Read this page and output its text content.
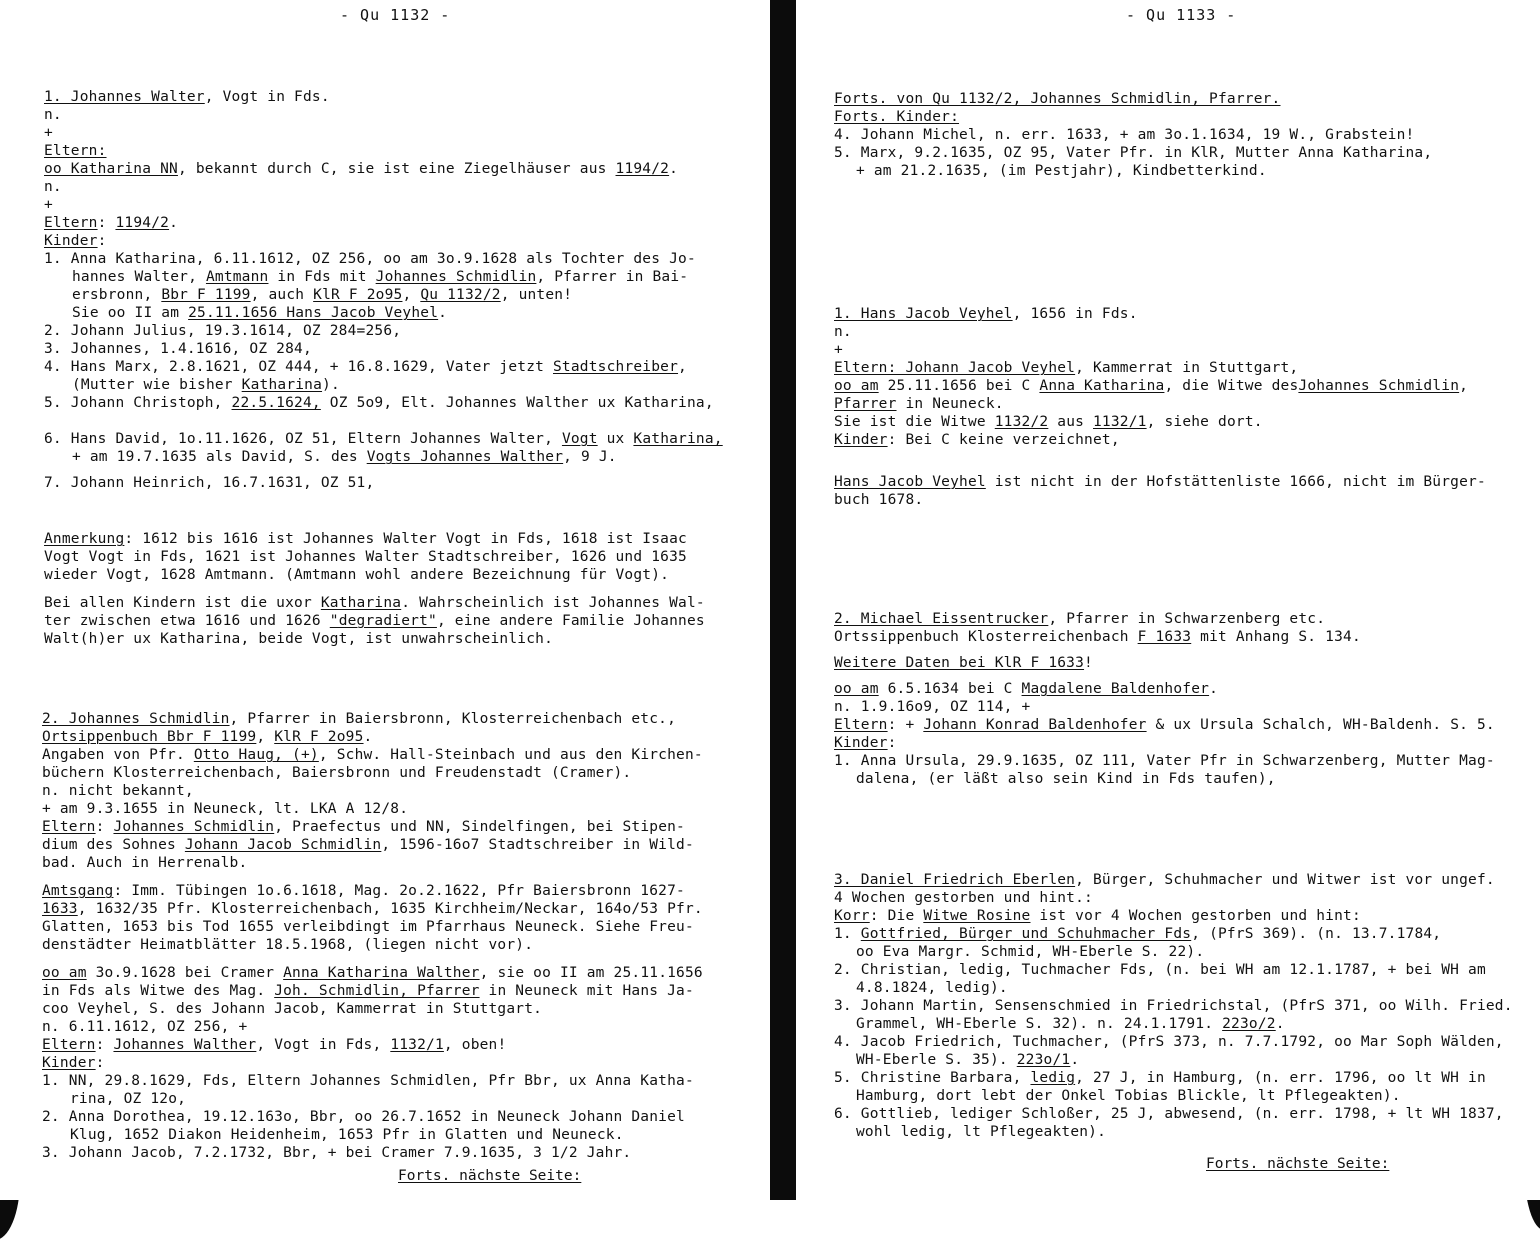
- Qu 1132 -
1. Johannes Walter, Vogt in Fds.
n.
+
Eltern:
oo Katharina NN, bekannt durch C, sie ist eine Ziegelhäuser aus 1194/2.
n.
+
Eltern: 1194/2.
Kinder:
1. Anna Katharina, 6.11.1612, OZ 256, oo am 3o.9.1628 als Tochter des Jo-
hannes Walter, Amtmann in Fds mit Johannes Schmidlin, Pfarrer in Bai-
ersbronn, Bbr F 1199, auch KlR F 2o95, Qu 1132/2, unten!
Sie oo II am 25.11.1656 Hans Jacob Veyhel.
2. Johann Julius, 19.3.1614, OZ 284=256,
3. Johannes, 1.4.1616, OZ 284,
4. Hans Marx, 2.8.1621, OZ 444, + 16.8.1629, Vater jetzt Stadtschreiber,
(Mutter wie bisher Katharina).
5. Johann Christoph, 22.5.1624, OZ 5o9, Elt. Johannes Walther ux Katharina,
6. Hans David, 1o.11.1626, OZ 51, Eltern Johannes Walter, Vogt ux Katharina,
+ am 19.7.1635 als David, S. des Vogts Johannes Walther, 9 J.
7. Johann Heinrich, 16.7.1631, OZ 51,
Anmerkung: 1612 bis 1616 ist Johannes Walter Vogt in Fds, 1618 ist Isaac
Vogt Vogt in Fds, 1621 ist Johannes Walter Stadtschreiber, 1626 und 1635
wieder Vogt, 1628 Amtmann. (Amtmann wohl andere Bezeichnung für Vogt).
Bei allen Kindern ist die uxor Katharina. Wahrscheinlich ist Johannes Wal-
ter zwischen etwa 1616 und 1626 "degradiert", eine andere Familie Johannes
Walt(h)er ux Katharina, beide Vogt, ist unwahrscheinlich.
2. Johannes Schmidlin, Pfarrer in Baiersbronn, Klosterreichenbach etc.,
Ortsippenbuch Bbr F 1199, KlR F 2o95.
Angaben von Pfr. Otto Haug, (+), Schw. Hall-Steinbach und aus den Kirchen-
büchern Klosterreichenbach, Baiersbronn und Freudenstadt (Cramer).
n. nicht bekannt,
+ am 9.3.1655 in Neuneck, lt. LKA A 12/8.
Eltern: Johannes Schmidlin, Praefectus und NN, Sindelfingen, bei Stipen-
dium des Sohnes Johann Jacob Schmidlin, 1596-16o7 Stadtschreiber in Wild-
bad. Auch in Herrenalb.
Amtsgang: Imm. Tübingen 1o.6.1618, Mag. 2o.2.1622, Pfr Baiersbronn 1627-
1633, 1632/35 Pfr. Klosterreichenbach, 1635 Kirchheim/Neckar, 164o/53 Pfr.
Glatten, 1653 bis Tod 1655 verleibdingt im Pfarrhaus Neuneck. Siehe Freu-
denstädter Heimatblätter 18.5.1968, (liegen nicht vor).
oo am 3o.9.1628 bei Cramer Anna Katharina Walther, sie oo II am 25.11.1656
in Fds als Witwe des Mag. Joh. Schmidlin, Pfarrer in Neuneck mit Hans Ja-
coo Veyhel, S. des Johann Jacob, Kammerrat in Stuttgart.
n. 6.11.1612, OZ 256, +
Eltern: Johannes Walther, Vogt in Fds, 1132/1, oben!
Kinder:
1. NN, 29.8.1629, Fds, Eltern Johannes Schmidlen, Pfr Bbr, ux Anna Katha-
rina, OZ 12o,
2. Anna Dorothea, 19.12.163o, Bbr, oo 26.7.1652 in Neuneck Johann Daniel
Klug, 1652 Diakon Heidenheim, 1653 Pfr in Glatten und Neuneck.
3. Johann Jacob, 7.2.1732, Bbr, + bei Cramer 7.9.1635, 3 1/2 Jahr.
Forts. nächste Seite:
- Qu 1133 -
Forts. von Qu 1132/2, Johannes Schmidlin, Pfarrer.
Forts. Kinder:
4. Johann Michel, n. err. 1633, + am 3o.1.1634, 19 W., Grabstein!
5. Marx, 9.2.1635, OZ 95, Vater Pfr. in KlR, Mutter Anna Katharina,
+ am 21.2.1635, (im Pestjahr), Kindbetterkind.
1. Hans Jacob Veyhel, 1656 in Fds.
n.
+
Eltern: Johann Jacob Veyhel, Kammerrat in Stuttgart,
oo am 25.11.1656 bei C Anna Katharina, die Witwe desJohannes Schmidlin,
Pfarrer in Neuneck.
Sie ist die Witwe 1132/2 aus 1132/1, siehe dort.
Kinder: Bei C keine verzeichnet,
Hans Jacob Veyhel ist nicht in der Hofstättenliste 1666, nicht im Bürger-
buch 1678.
2. Michael Eissentrucker, Pfarrer in Schwarzenberg etc.
Ortssippenbuch Klosterreichenbach F 1633 mit Anhang S. 134.
Weitere Daten bei KlR F 1633!
oo am 6.5.1634 bei C Magdalene Baldenhofer.
n. 1.9.16o9, OZ 114, +
Eltern: + Johann Konrad Baldenhofer & ux Ursula Schalch, WH-Baldenh. S. 5.
Kinder:
1. Anna Ursula, 29.9.1635, OZ 111, Vater Pfr in Schwarzenberg, Mutter Mag-
dalena, (er läßt also sein Kind in Fds taufen),
3. Daniel Friedrich Eberlen, Bürger, Schuhmacher und Witwer ist vor ungef.
4 Wochen gestorben und hint.:
Korr: Die Witwe Rosine ist vor 4 Wochen gestorben und hint:
1. Gottfried, Bürger und Schuhmacher Fds, (PfrS 369). (n. 13.7.1784,
oo Eva Margr. Schmid, WH-Eberle S. 22).
2. Christian, ledig, Tuchmacher Fds, (n. bei WH am 12.1.1787, + bei WH am
4.8.1824, ledig).
3. Johann Martin, Sensenschmied in Friedrichstal, (PfrS 371, oo Wilh. Fried.
Grammel, WH-Eberle S. 32). n. 24.1.1791. 223o/2.
4. Jacob Friedrich, Tuchmacher, (PfrS 373, n. 7.7.1792, oo Mar Soph Wälden,
WH-Eberle S. 35). 223o/1.
5. Christine Barbara, ledig, 27 J, in Hamburg, (n. err. 1796, oo lt WH in
Hamburg, dort lebt der Onkel Tobias Blickle, lt Pflegeakten).
6. Gottlieb, lediger Schloßer, 25 J, abwesend, (n. err. 1798, + lt WH 1837,
wohl ledig, lt Pflegeakten).
Forts. nächste Seite:
